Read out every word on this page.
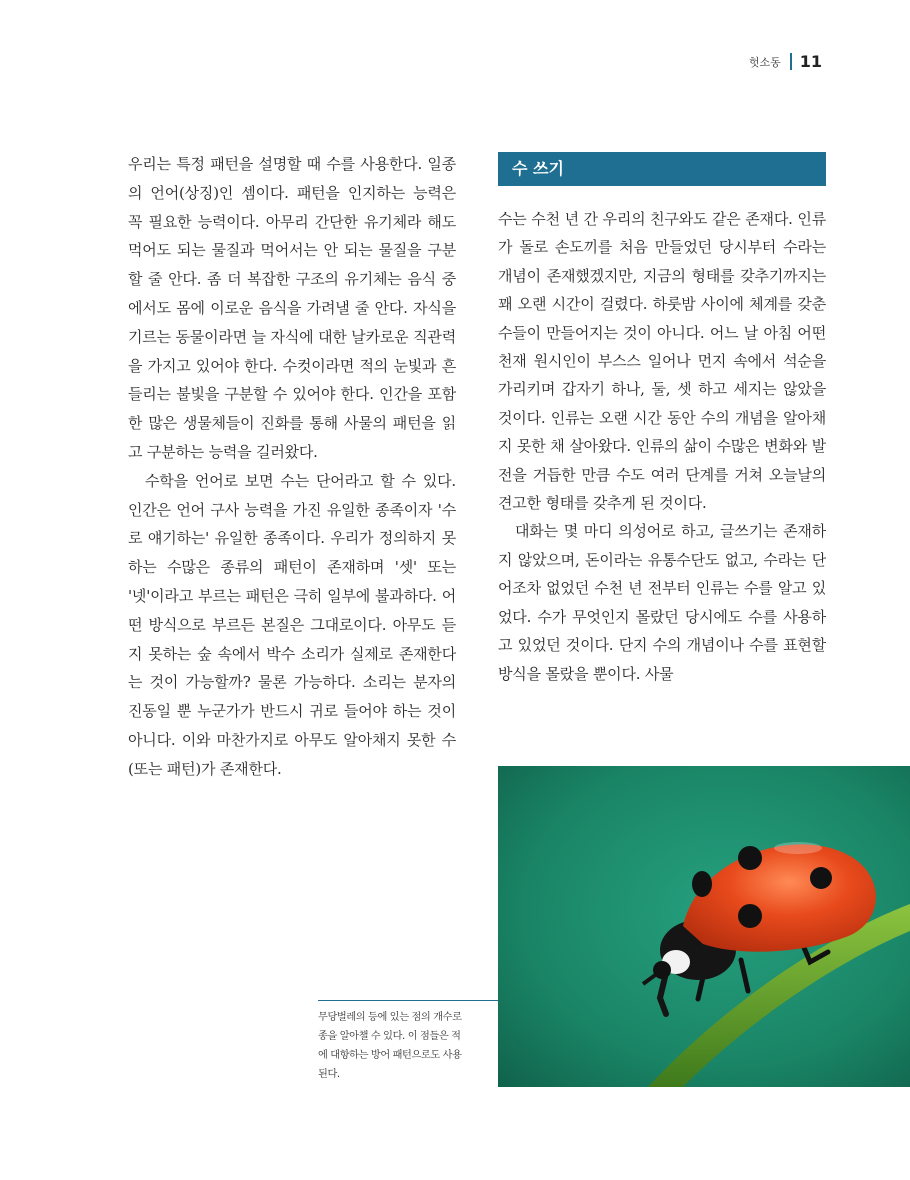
헛소동 11

우리는 특정 패턴을 설명할 때 수를 사용한다. 일종의 언어(상징)인 셈이다. 패턴을 인지하는 능력은 꼭 필요한 능력이다. 아무리 간단한 유기체라 해도 먹어도 되는 물질과 먹어서는 안 되는 물질을 구분할 줄 안다. 좀 더 복잡한 구조의 유기체는 음식 중에서도 몸에 이로운 음식을 가려낼 줄 안다. 자식을 기르는 동물이라면 늘 자식에 대한 날카로운 직관력을 가지고 있어야 한다. 수컷이라면 적의 눈빛과 흔들리는 불빛을 구분할 수 있어야 한다. 인간을 포함한 많은 생물체들이 진화를 통해 사물의 패턴을 읽고 구분하는 능력을 길러왔다.

수학을 언어로 보면 수는 단어라고 할 수 있다. 인간은 언어 구사 능력을 가진 유일한 종족이자 '수로 얘기하는' 유일한 종족이다. 우리가 정의하지 못하는 수많은 종류의 패턴이 존재하며 '셋' 또는 '넷'이라고 부르는 패턴은 극히 일부에 불과하다. 어떤 방식으로 부르든 본질은 그대로이다. 아무도 듣지 못하는 숲 속에서 박수 소리가 실제로 존재한다는 것이 가능할까? 물론 가능하다. 소리는 분자의 진동일 뿐 누군가가 반드시 귀로 들어야 하는 것이 아니다. 이와 마찬가지로 아무도 알아채지 못한 수(또는 패턴)가 존재한다.

수 쓰기

수는 수천 년 간 우리의 친구와도 같은 존재다. 인류가 돌로 손도끼를 처음 만들었던 당시부터 수라는 개념이 존재했겠지만, 지금의 형태를 갖추기까지는 꽤 오랜 시간이 걸렸다. 하룻밤 사이에 체계를 갖춘 수들이 만들어지는 것이 아니다. 어느 날 아침 어떤 천재 원시인이 부스스 일어나 먼지 속에서 석순을 가리키며 갑자기 하나, 둘, 셋 하고 세지는 않았을 것이다. 인류는 오랜 시간 동안 수의 개념을 알아채지 못한 채 살아왔다. 인류의 삶이 수많은 변화와 발전을 거듭한 만큼 수도 여러 단계를 거쳐 오늘날의 견고한 형태를 갖추게 된 것이다.

대화는 몇 마디 의성어로 하고, 글쓰기는 존재하지 않았으며, 돈이라는 유통수단도 없고, 수라는 단어조차 없었던 수천 년 전부터 인류는 수를 알고 있었다. 수가 무엇인지 몰랐던 당시에도 수를 사용하고 있었던 것이다. 단지 수의 개념이나 수를 표현할 방식을 몰랐을 뿐이다. 사물

무당벌레의 등에 있는 점의 개수로 종을 알아챌 수 있다. 이 점들은 적에 대항하는 방어 패턴으로도 사용된다.
